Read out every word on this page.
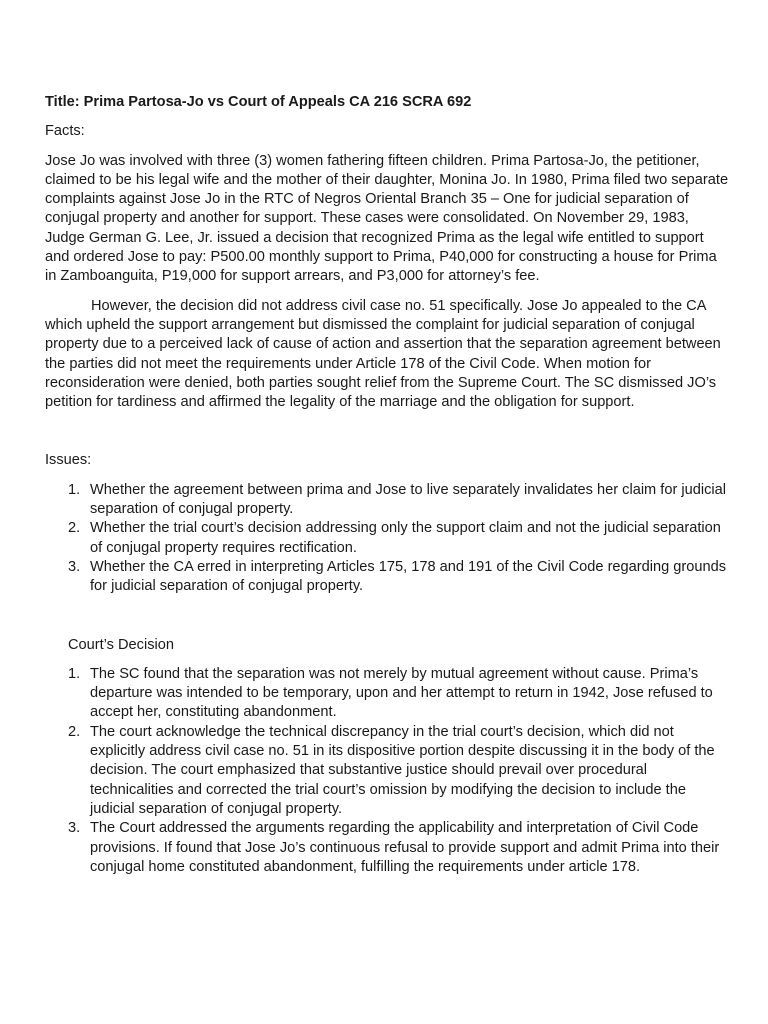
Title: Prima Partosa-Jo vs Court of Appeals CA 216 SCRA 692

Facts:

Jose Jo was involved with three (3) women fathering fifteen children. Prima Partosa-Jo, the petitioner, claimed to be his legal wife and the mother of their daughter, Monina Jo. In 1980, Prima filed two separate complaints against Jose Jo in the RTC of Negros Oriental Branch 35 – One for judicial separation of conjugal property and another for support. These cases were consolidated. On November 29, 1983, Judge German G. Lee, Jr. issued a decision that recognized Prima as the legal wife entitled to support and ordered Jose to pay: P500.00 monthly support to Prima, P40,000 for constructing a house for Prima in Zamboanguita, P19,000 for support arrears, and P3,000 for attorney’s fee.

However, the decision did not address civil case no. 51 specifically. Jose Jo appealed to the CA which upheld the support arrangement but dismissed the complaint for judicial separation of conjugal property due to a perceived lack of cause of action and assertion that the separation agreement between the parties did not meet the requirements under Article 178 of the Civil Code. When motion for reconsideration were denied, both parties sought relief from the Supreme Court. The SC dismissed JO’s petition for tardiness and affirmed the legality of the marriage and the obligation for support.

Issues:

1. Whether the agreement between prima and Jose to live separately invalidates her claim for judicial separation of conjugal property.
2. Whether the trial court’s decision addressing only the support claim and not the judicial separation of conjugal property requires rectification.
3. Whether the CA erred in interpreting Articles 175, 178 and 191 of the Civil Code regarding grounds for judicial separation of conjugal property.

Court’s Decision

1. The SC found that the separation was not merely by mutual agreement without cause. Prima’s departure was intended to be temporary, upon and her attempt to return in 1942, Jose refused to accept her, constituting abandonment.
2. The court acknowledge the technical discrepancy in the trial court’s decision, which did not explicitly address civil case no. 51 in its dispositive portion despite discussing it in the body of the decision. The court emphasized that substantive justice should prevail over procedural technicalities and corrected the trial court’s omission by modifying the decision to include the judicial separation of conjugal property.
3. The Court addressed the arguments regarding the applicability and interpretation of Civil Code provisions. If found that Jose Jo’s continuous refusal to provide support and admit Prima into their conjugal home constituted abandonment, fulfilling the requirements under article 178.
